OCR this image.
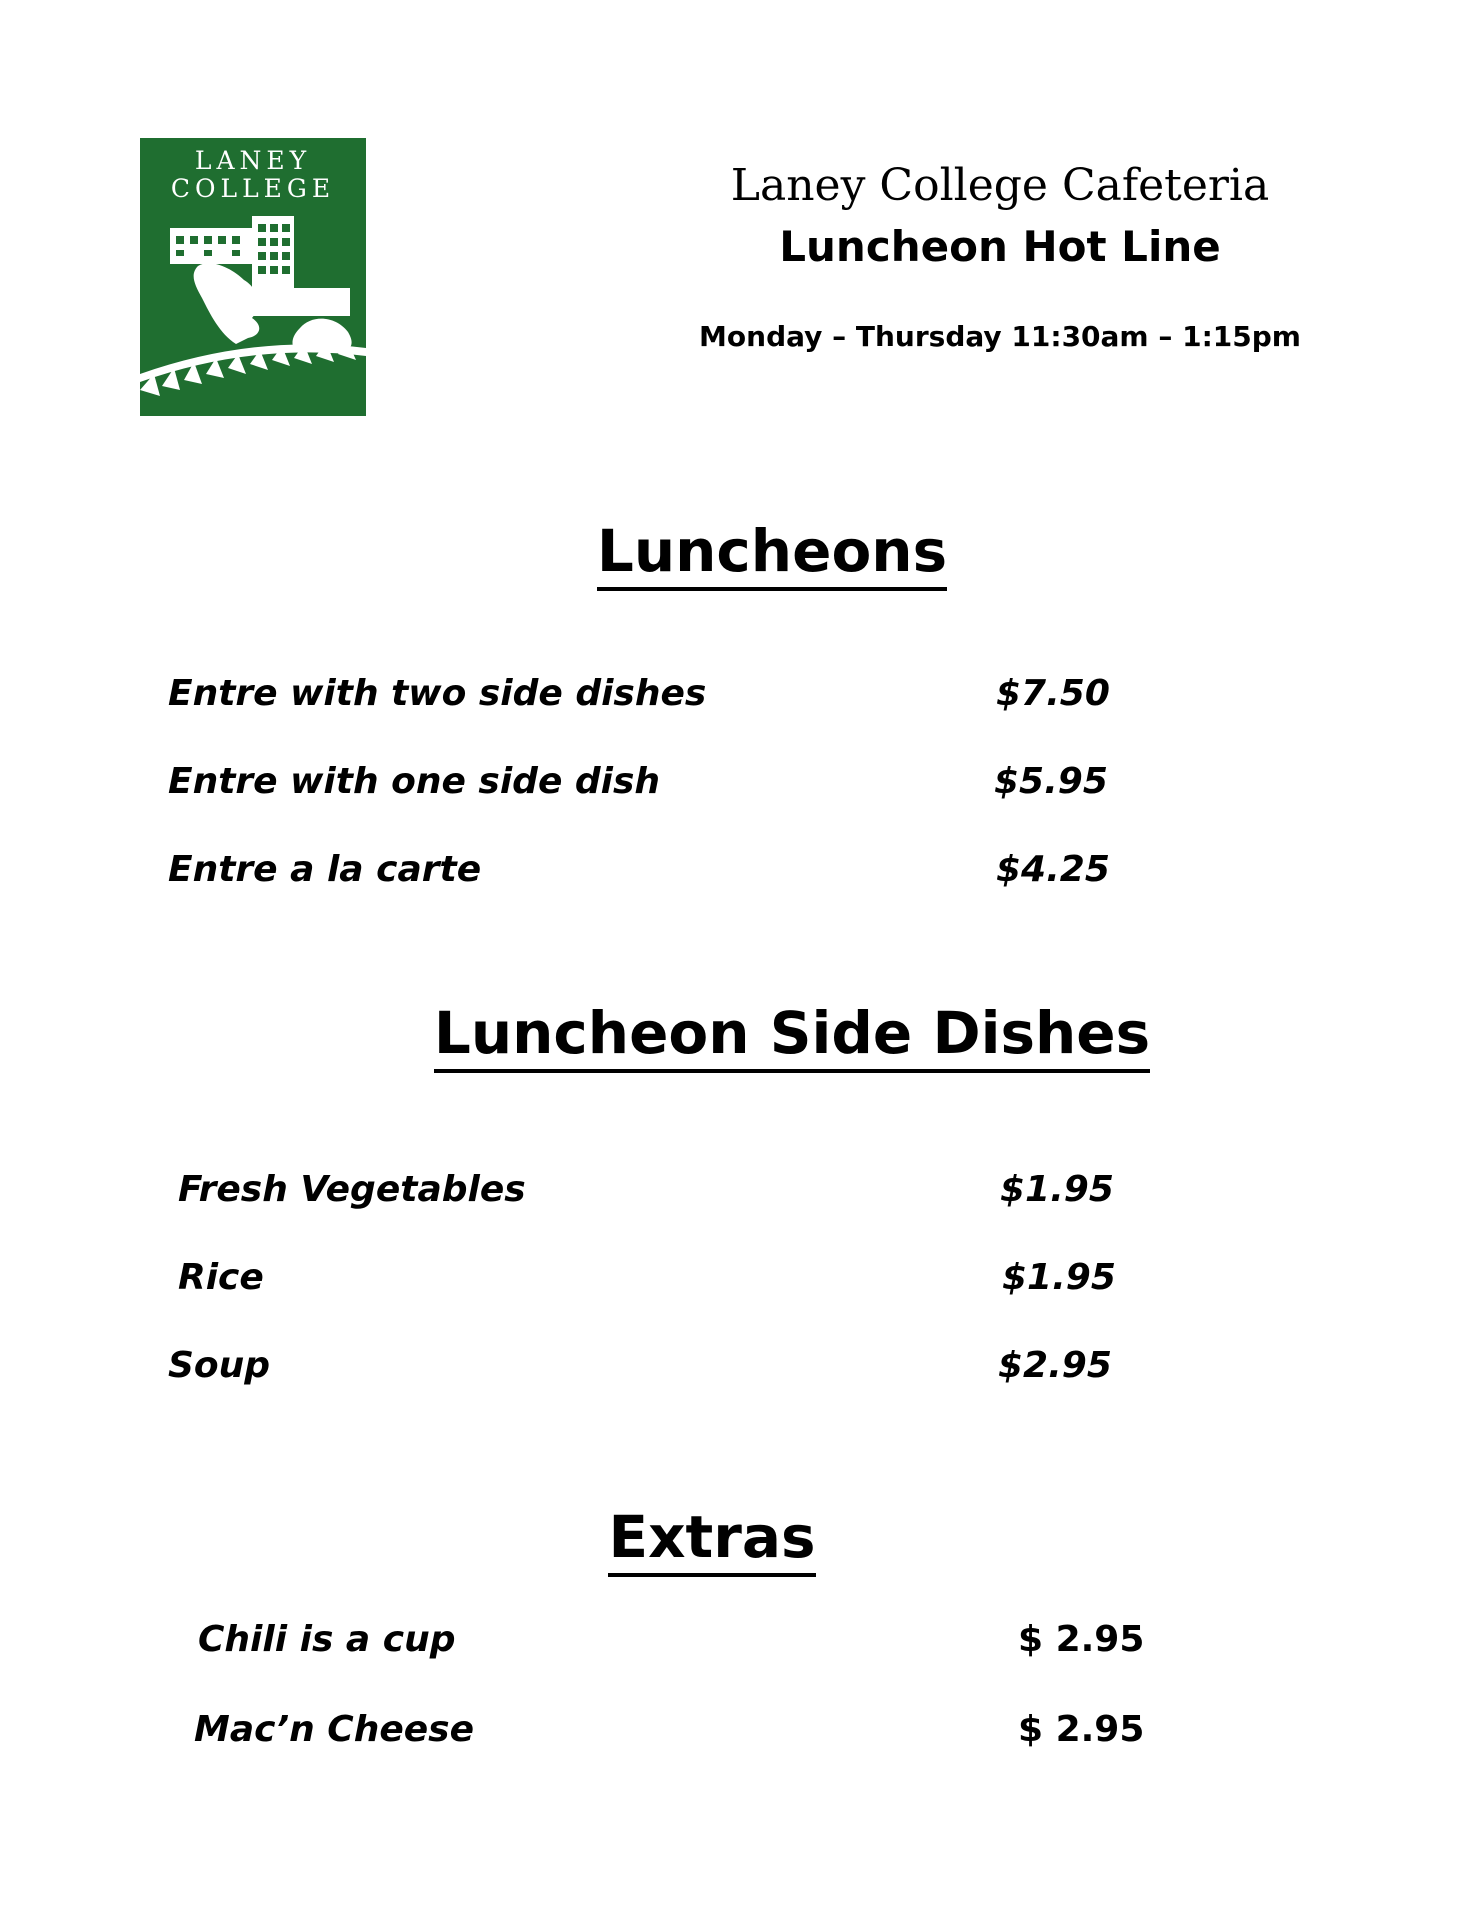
LANEY
COLLEGE	Laney College Cafeteria
Luncheon Hot Line
Monday – Thursday 11:30am – 1:15pm
Luncheons
Entre with two side dishes	$7.50
Entre with one side dish	$5.95
Entre a la carte	$4.25
Luncheon Side Dishes
Fresh Vegetables	$1.95
Rice	$1.95
Soup	$2.95
Extras
Chili is a cup	$ 2.95
Mac’n Cheese	$ 2.95
